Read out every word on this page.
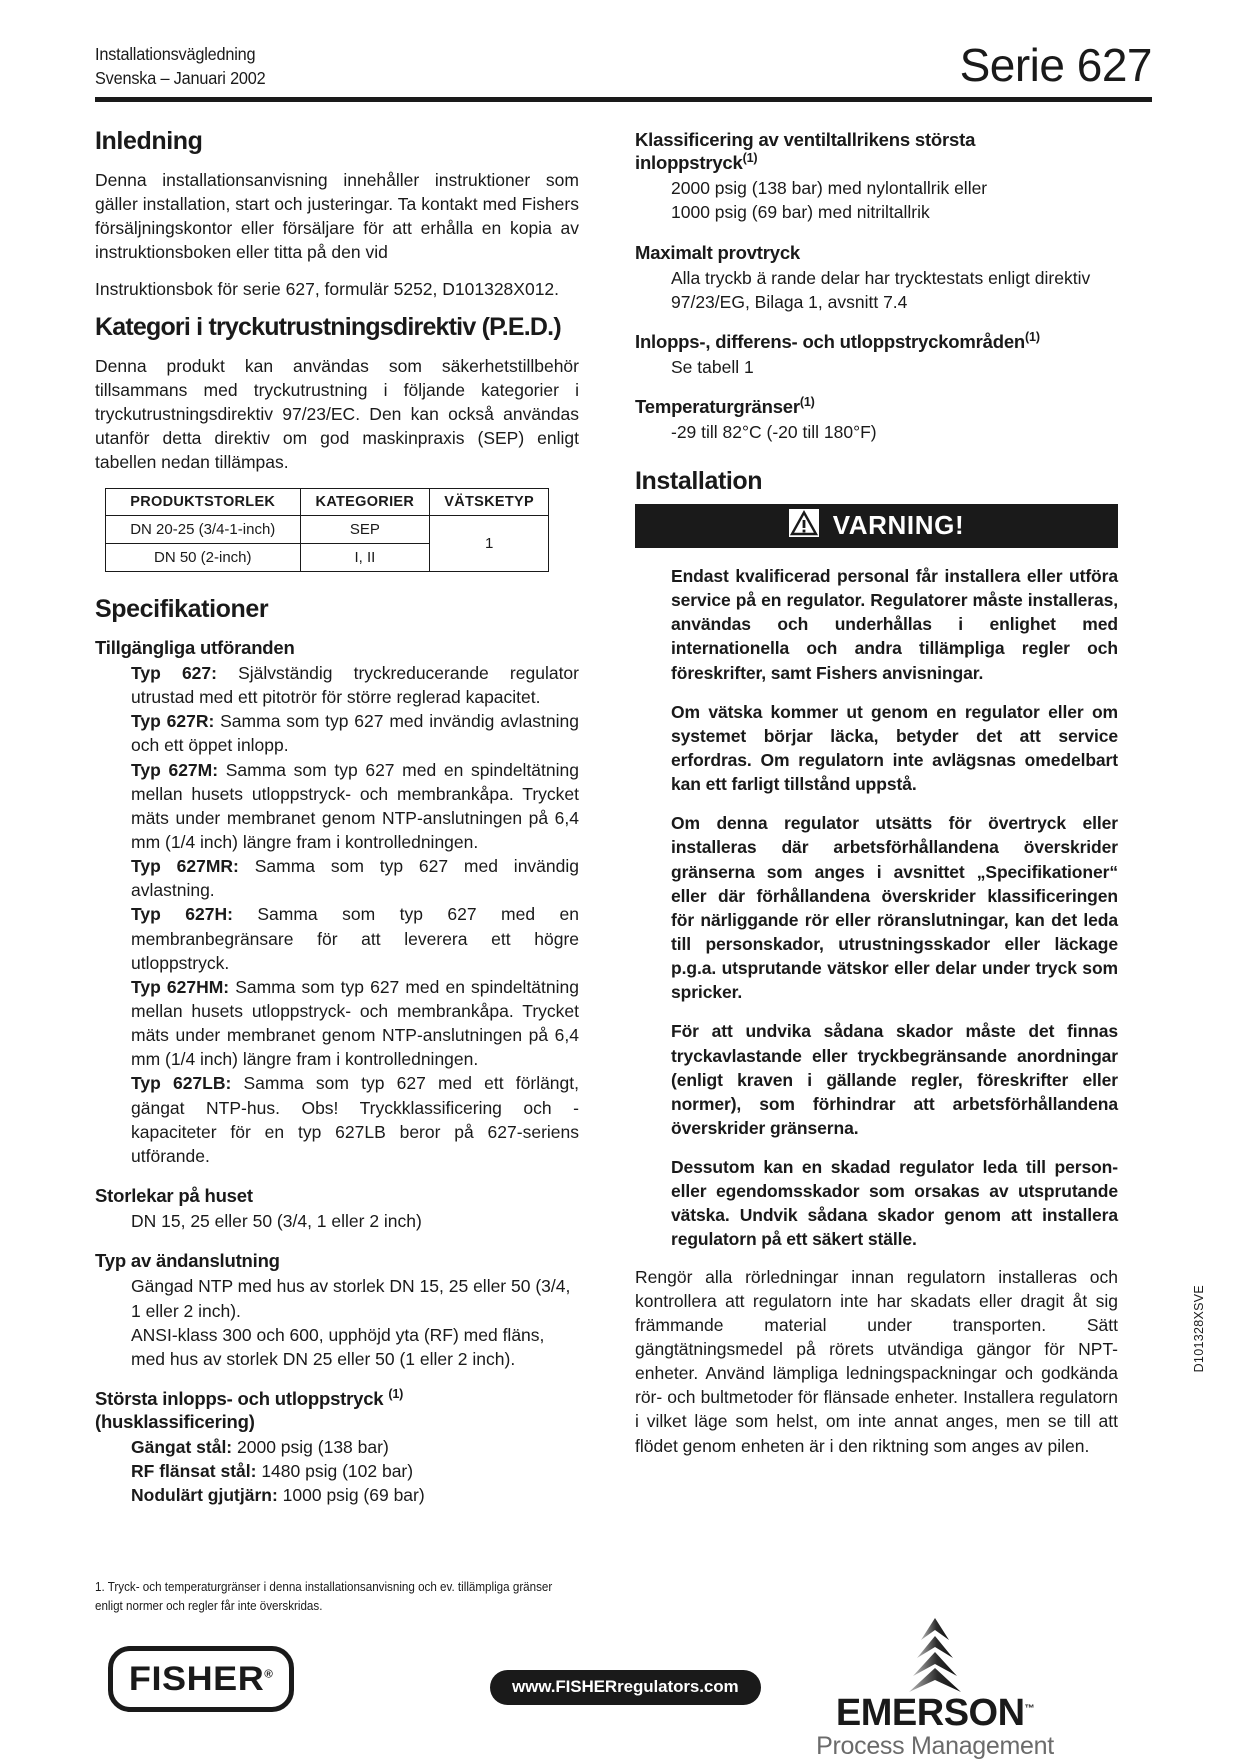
Installationsvägledning
Svenska – Januari 2002	Serie 627
Inledning

Denna installationsanvisning innehåller instruktioner som gäller installation, start och justeringar. Ta kontakt med Fishers försäljningskontor eller försäljare för att erhålla en kopia av instruktionsboken eller titta på den vid

Instruktionsbok för serie 627, formulär 5252, D101328X012.

Kategori i tryckutrustningsdirektiv (P.E.D.)

Denna produkt kan användas som säkerhetstillbehör tillsammans med tryckutrustning i följande kategorier i tryckutrustningsdirektiv 97/23/EC. Den kan också användas utanför detta direktiv om god maskinpraxis (SEP) enligt tabellen nedan tillämpas.

PRODUKTSTORLEK	KATEGORIER	VÄTSKETYP
DN 20-25 (3/4-1-inch)	SEP	1
DN 50 (2-inch)	I, II	
Specifikationer
Tillgängliga utföranden

Typ 627: Självständig tryckreducerande regulator utrustad med ett pitotrör för större reglerad kapacitet.

Typ 627R: Samma som typ 627 med invändig avlastning och ett öppet inlopp.

Typ 627M: Samma som typ 627 med en spindeltätning mellan husets utloppstryck- och membrankåpa. Trycket mäts under membranet genom NTP-anslutningen på 6,4 mm (1/4 inch) längre fram i kontrolledningen.

Typ 627MR: Samma som typ 627 med invändig avlastning.

Typ 627H: Samma som typ 627 med en membranbegränsare för att leverera ett högre utloppstryck.

Typ 627HM: Samma som typ 627 med en spindeltätning mellan husets utloppstryck- och membrankåpa. Trycket mäts under membranet genom NTP-anslutningen på 6,4 mm (1/4 inch) längre fram i kontrolledningen.

Typ 627LB: Samma som typ 627 med ett förlängt, gängat NTP-hus. Obs! Tryckklassificering och -kapaciteter för en typ 627LB beror på 627-seriens utförande.

Storlekar på huset

DN 15, 25 eller 50 (3/4, 1 eller 2 inch)

Typ av ändanslutning

Gängad NTP med hus av storlek DN 15, 25 eller 50 (3/4, 1 eller 2 inch).

ANSI-klass 300 och 600, upphöjd yta (RF) med fläns, med hus av storlek DN 25 eller 50 (1 eller 2 inch).

Största inlopps- och utloppstryck $^{(1)}$
(husklassificering)

Gängat stål: 2000 psig (138 bar)

RF flänsat stål: 1480 psig (102 bar)

Nodulärt gjutjärn: 1000 psig (69 bar)

Klassificering av ventiltallrikens största
inloppstryck$^{(1)}$

2000 psig (138 bar) med nylontallrik eller

1000 psig (69 bar) med nitriltallrik

Maximalt provtryck

Alla tryckb ä rande delar har trycktestats enligt direktiv 97/23/EG, Bilaga 1, avsnitt 7.4

Inlopps-, differens- och utloppstryckområden$^{(1)}$

Se tabell 1

Temperaturgränser$^{(1)}$

-29 till 82°C (-20 till 180°F)

Installation
VARNING!

Endast kvalificerad personal får installera eller utföra service på en regulator. Regulatorer måste installeras, användas och underhållas i enlighet med internationella och andra tillämpliga regler och föreskrifter, samt Fishers anvisningar.

Om vätska kommer ut genom en regulator eller om systemet börjar läcka, betyder det att service erfordras. Om regulatorn inte avlägsnas omedelbart kan ett farligt tillstånd uppstå.

Om denna regulator utsätts för övertryck eller installeras där arbetsförhållandena överskrider gränserna som anges i avsnittet „Specifikationer“ eller där förhållandena överskrider klassificeringen för närliggande rör eller röranslutningar, kan det leda till personskador, utrustningsskador eller läckage p.g.a. utsprutande vätskor eller delar under tryck som spricker.

För att undvika sådana skador måste det finnas tryckavlastande eller tryckbegränsande anordningar (enligt kraven i gällande regler, föreskrifter eller normer), som förhindrar att arbetsförhållandena överskrider gränserna.

Dessutom kan en skadad regulator leda till person- eller egendomsskador som orsakas av utsprutande vätska. Undvik sådana skador genom att installera regulatorn på ett säkert ställe.

Rengör alla rörledningar innan regulatorn installeras och kontrollera att regulatorn inte har skadats eller dragit åt sig främmande material under transporten. Sätt gängtätningsmedel på rörets utvändiga gängor för NPT-enheter. Använd lämpliga ledningspackningar och godkända rör- och bultmetoder för flänsade enheter. Installera regulatorn i vilket läge som helst, om inte annat anges, men se till att flödet genom enheten är i den riktning som anges av pilen.

1. Tryck- och temperaturgränser i denna installationsanvisning och ev. tillämpliga gränser enligt normer och regler får inte överskridas.
D101328XSVE
FISHER®
www.FISHERregulators.com
EMERSON™
Process Management
